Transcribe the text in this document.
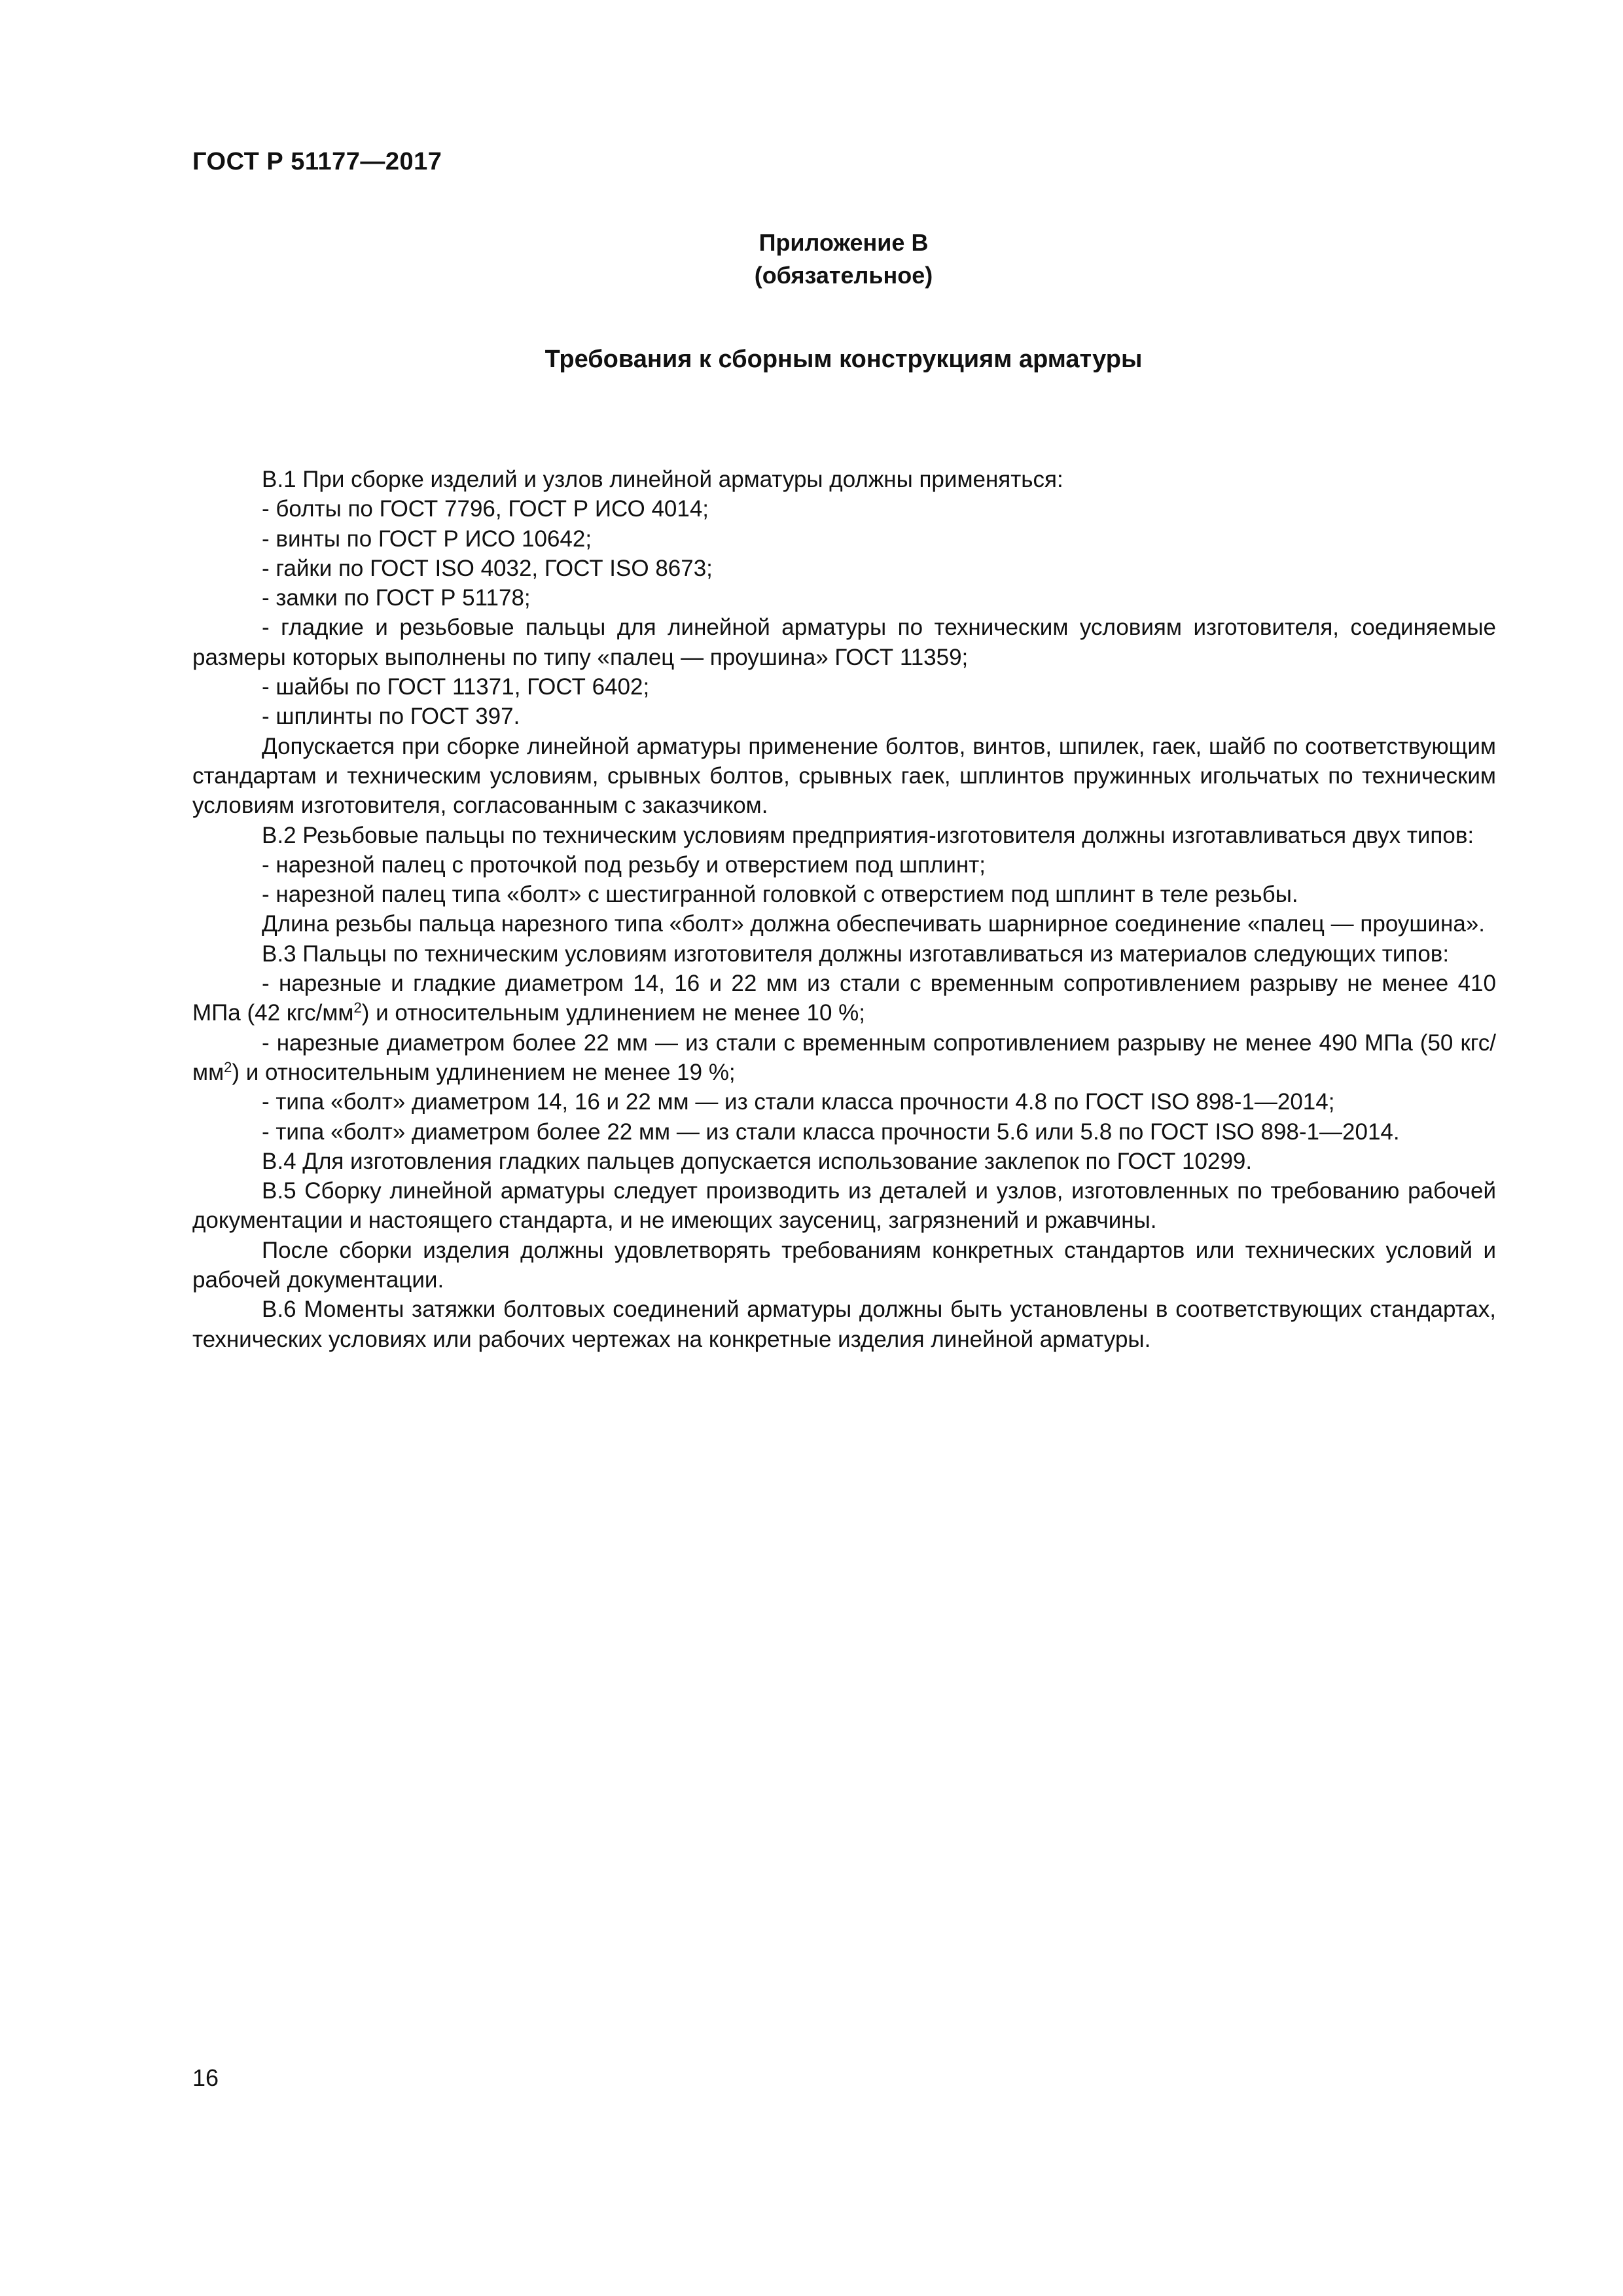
ГОСТ Р 51177—2017
Приложение В
(обязательное)
Требования к сборным конструкциям арматуры

В.1 При сборке изделий и узлов линейной арматуры должны применяться:

- болты по ГОСТ 7796, ГОСТ Р ИСО 4014;

- винты по ГОСТ Р ИСО 10642;

- гайки по ГОСТ ISO 4032, ГОСТ ISO 8673;

- замки по ГОСТ Р 51178;

- гладкие и резьбовые пальцы для линейной арматуры по техническим условиям изготовителя, соединяемые размеры которых выполнены по типу «палец — проушина» ГОСТ 11359;

- шайбы по ГОСТ 11371, ГОСТ 6402;

- шплинты по ГОСТ 397.

Допускается при сборке линейной арматуры применение болтов, винтов, шпилек, гаек, шайб по соответствующим стандартам и техническим условиям, срывных болтов, срывных гаек, шплинтов пружинных игольчатых по техническим условиям изготовителя, согласованным с заказчиком.

В.2 Резьбовые пальцы по техническим условиям предприятия-изготовителя должны изготавливаться двух типов:

- нарезной палец с проточкой под резьбу и отверстием под шплинт;

- нарезной палец типа «болт» с шестигранной головкой с отверстием под шплинт в теле резьбы.

Длина резьбы пальца нарезного типа «болт» должна обеспечивать шарнирное соединение «палец — проушина».

В.3 Пальцы по техническим условиям изготовителя должны изготавливаться из материалов следующих типов:

- нарезные и гладкие диаметром 14, 16 и 22 мм из стали с временным сопротивлением разрыву не менее 410 МПа (42 кгс/$мм^2$) и относительным удлинением не менее 10 %;

- нарезные диаметром более 22 мм — из стали с временным сопротивлением разрыву не менее 490 МПа (50 кгс/$мм^2$) и относительным удлинением не менее 19 %;

- типа «болт» диаметром 14, 16 и 22 мм — из стали класса прочности 4.8 по ГОСТ ISO 898-1—2014;

- типа «болт» диаметром более 22 мм — из стали класса прочности 5.6 или 5.8 по ГОСТ ISO 898-1—2014.

В.4 Для изготовления гладких пальцев допускается использование заклепок по ГОСТ 10299.

В.5 Сборку линейной арматуры следует производить из деталей и узлов, изготовленных по требованию рабочей документации и настоящего стандарта, и не имеющих заусениц, загрязнений и ржавчины.

После сборки изделия должны удовлетворять требованиям конкретных стандартов или технических условий и рабочей документации.

В.6 Моменты затяжки болтовых соединений арматуры должны быть установлены в соответствующих стандартах, технических условиях или рабочих чертежах на конкретные изделия линейной арматуры.

16
